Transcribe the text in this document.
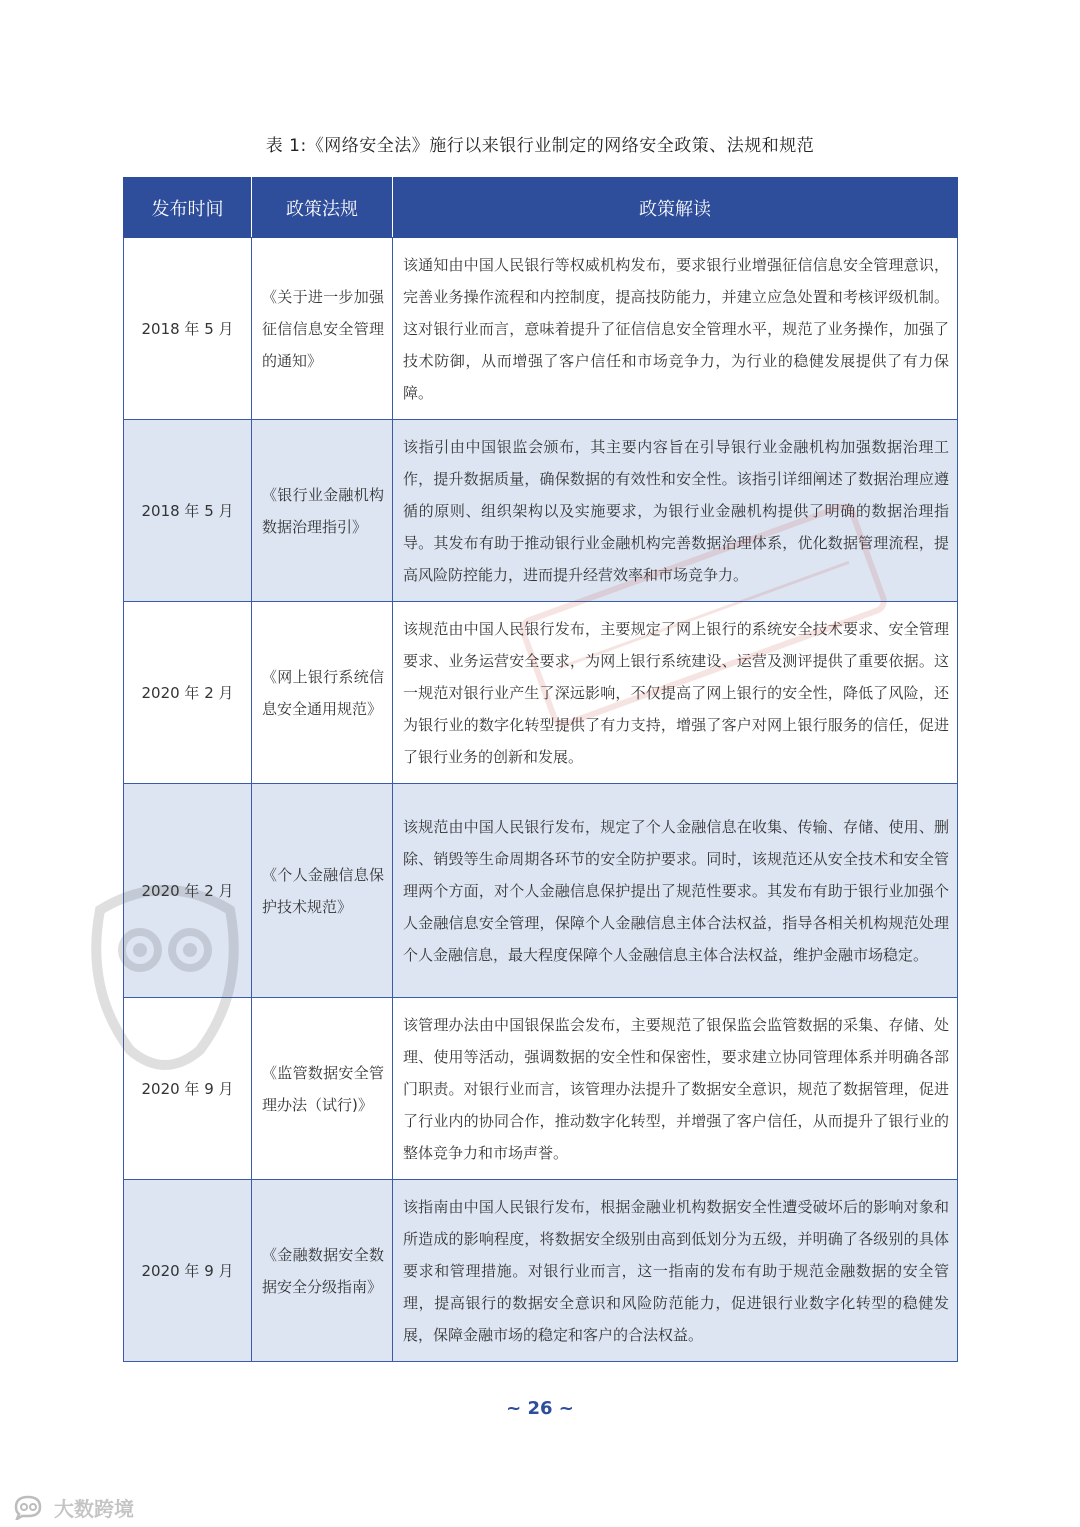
表 1:《网络安全法》施行以来银行业制定的网络安全政策、法规和规范
发布时间	政策法规	政策解读
2018 年 5 月	《关于进一步加强征信信息安全管理的通知》	该通知由中国人民银行等权威机构发布，要求银行业增强征信信息安全管理意识，完善业务操作流程和内控制度，提高技防能力，并建立应急处置和考核评级机制。这对银行业而言，意味着提升了征信信息安全管理水平，规范了业务操作，加强了技术防御，从而增强了客户信任和市场竞争力，为行业的稳健发展提供了有力保障。
2018 年 5 月	《银行业金融机构数据治理指引》	该指引由中国银监会颁布，其主要内容旨在引导银行业金融机构加强数据治理工作，提升数据质量，确保数据的有效性和安全性。该指引详细阐述了数据治理应遵循的原则、组织架构以及实施要求，为银行业金融机构提供了明确的数据治理指导。其发布有助于推动银行业金融机构完善数据治理体系，优化数据管理流程，提高风险防控能力，进而提升经营效率和市场竞争力。
2020 年 2 月	《网上银行系统信息安全通用规范》	该规范由中国人民银行发布，主要规定了网上银行的系统安全技术要求、安全管理要求、业务运营安全要求，为网上银行系统建设、运营及测评提供了重要依据。这一规范对银行业产生了深远影响，不仅提高了网上银行的安全性，降低了风险，还为银行业的数字化转型提供了有力支持，增强了客户对网上银行服务的信任，促进了银行业务的创新和发展。
2020 年 2 月	《个人金融信息保护技术规范》	该规范由中国人民银行发布，规定了个人金融信息在收集、传输、存储、使用、删除、销毁等生命周期各环节的安全防护要求。同时，该规范还从安全技术和安全管理两个方面，对个人金融信息保护提出了规范性要求。其发布有助于银行业加强个人金融信息安全管理，保障个人金融信息主体合法权益，指导各相关机构规范处理个人金融信息，最大程度保障个人金融信息主体合法权益，维护金融市场稳定。
2020 年 9 月	《监管数据安全管理办法（试行)》	该管理办法由中国银保监会发布，主要规范了银保监会监管数据的采集、存储、处理、使用等活动，强调数据的安全性和保密性，要求建立协同管理体系并明确各部门职责。对银行业而言，该管理办法提升了数据安全意识，规范了数据管理，促进了行业内的协同合作，推动数字化转型，并增强了客户信任，从而提升了银行业的整体竞争力和市场声誉。
2020 年 9 月	《金融数据安全数据安全分级指南》	该指南由中国人民银行发布，根据金融业机构数据安全性遭受破坏后的影响对象和所造成的影响程度，将数据安全级别由高到低划分为五级，并明确了各级别的具体要求和管理措施。对银行业而言，这一指南的发布有助于规范金融数据的安全管理，提高银行的数据安全意识和风险防范能力，促进银行业数字化转型的稳健发展，保障金融市场的稳定和客户的合法权益。
~ 26 ~
大数跨境
